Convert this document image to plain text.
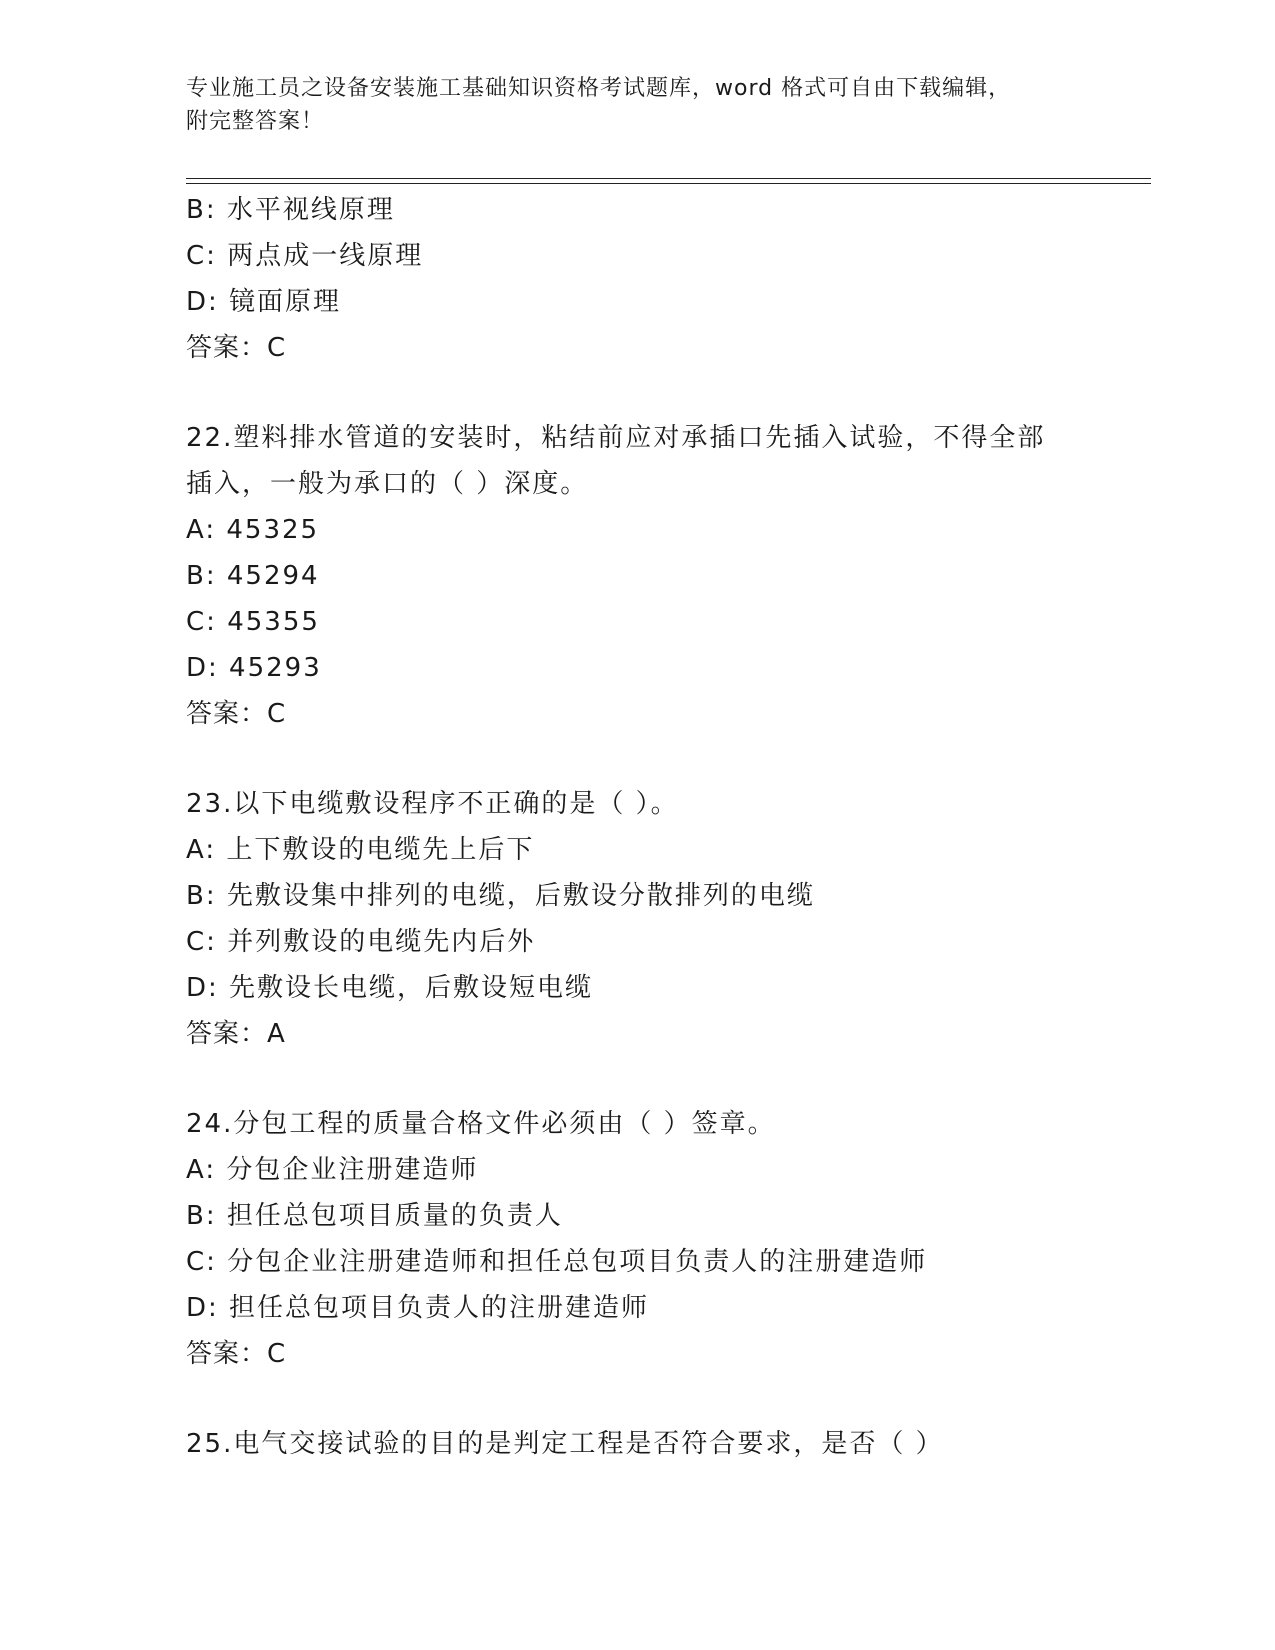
专业施工员之设备安装施工基础知识资格考试题库，word 格式可自由下载编辑，
附完整答案！
B: 水平视线原理
C: 两点成一线原理
D: 镜面原理
答案：C
22.塑料排水管道的安装时，粘结前应对承插口先插入试验，不得全部
插入，一般为承口的（ ）深度。
A: 45325
B: 45294
C: 45355
D: 45293
答案：C
23.以下电缆敷设程序不正确的是（ ）。
A: 上下敷设的电缆先上后下
B: 先敷设集中排列的电缆，后敷设分散排列的电缆
C: 并列敷设的电缆先内后外
D: 先敷设长电缆，后敷设短电缆
答案：A
24.分包工程的质量合格文件必须由（ ）签章。
A: 分包企业注册建造师
B: 担任总包项目质量的负责人
C: 分包企业注册建造师和担任总包项目负责人的注册建造师
D: 担任总包项目负责人的注册建造师
答案：C
25.电气交接试验的目的是判定工程是否符合要求，是否（ ）
